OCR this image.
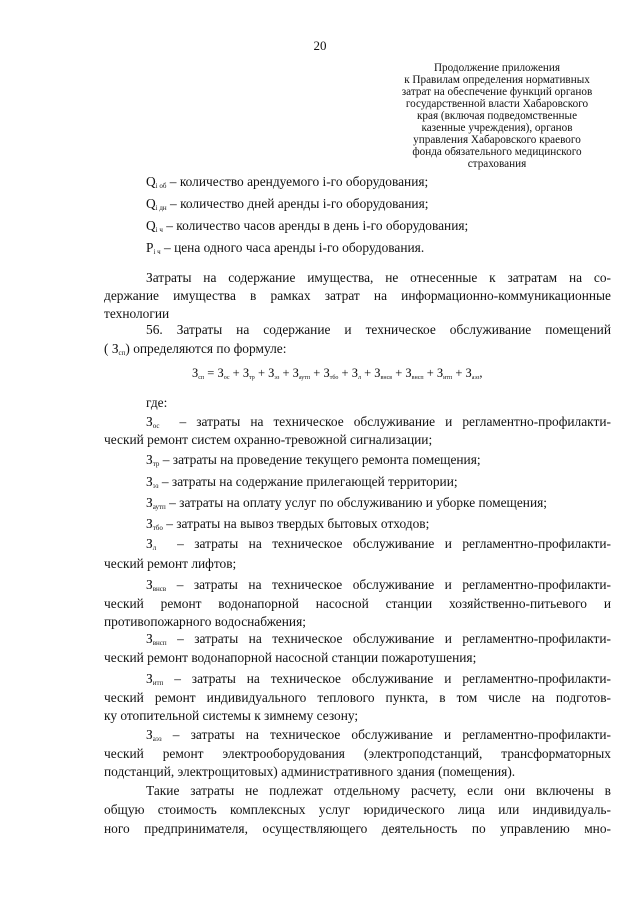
20
Продолжение приложения
к Правилам определения нормативных
затрат на обеспечение функций органов
государственной власти Хабаровского
края (включая подведомственные
казенные учреждения), органов
управления Хабаровского краевого
фонда обязательного медицинского
страхования
$Q_{i об}$ – количество арендуемого i-го оборудования;
$Q_{i дн}$ – количество дней аренды i-го оборудования;
$Q_{i ч}$ – количество часов аренды в день i-го оборудования;
$P_{i ч}$ – цена одного часа аренды i-го оборудования.
Затраты на содержание имущества, не отнесенные к затратам на со-
держание имущества в рамках затрат на информационно-коммуникационные
технологии
56. Затраты на содержание и техническое обслуживание помещений
( $З_{сп}$) определяются по формуле:
$З_{сп} = З_{ос} + З_{тр} + З_{эз} + З_{аутп} + З_{тбо} + З_л + З_{внсв} + З_{внсп} + З_{итп} + З_{аэз}$,
где:
$З_{ос}$ – затраты на техническое обслуживание и регламентно-профилакти-
ческий ремонт систем охранно-тревожной сигнализации;
$З_{тр}$ – затраты на проведение текущего ремонта помещения;
$З_{эз}$ – затраты на содержание прилегающей территории;
$З_{аутп}$ – затраты на оплату услуг по обслуживанию и уборке помещения;
$З_{тбо}$ – затраты на вывоз твердых бытовых отходов;
$З_л$ – затраты на техническое обслуживание и регламентно-профилакти-
ческий ремонт лифтов;
$З_{внсв}$ – затраты на техническое обслуживание и регламентно-профилакти-
ческий ремонт водонапорной насосной станции хозяйственно-питьевого и
противопожарного водоснабжения;
$З_{внсп}$ – затраты на техническое обслуживание и регламентно-профилакти-
ческий ремонт водонапорной насосной станции пожаротушения;
$З_{итп}$ – затраты на техническое обслуживание и регламентно-профилакти-
ческий ремонт индивидуального теплового пункта, в том числе на подготов-
ку отопительной системы к зимнему сезону;
$З_{аэз}$ – затраты на техническое обслуживание и регламентно-профилакти-
ческий ремонт электрооборудования (электроподстанций, трансформаторных
подстанций, электрощитовых) административного здания (помещения).
Такие затраты не подлежат отдельному расчету, если они включены в
общую стоимость комплексных услуг юридического лица или индивидуаль-
ного предпринимателя, осуществляющего деятельность по управлению мно-
